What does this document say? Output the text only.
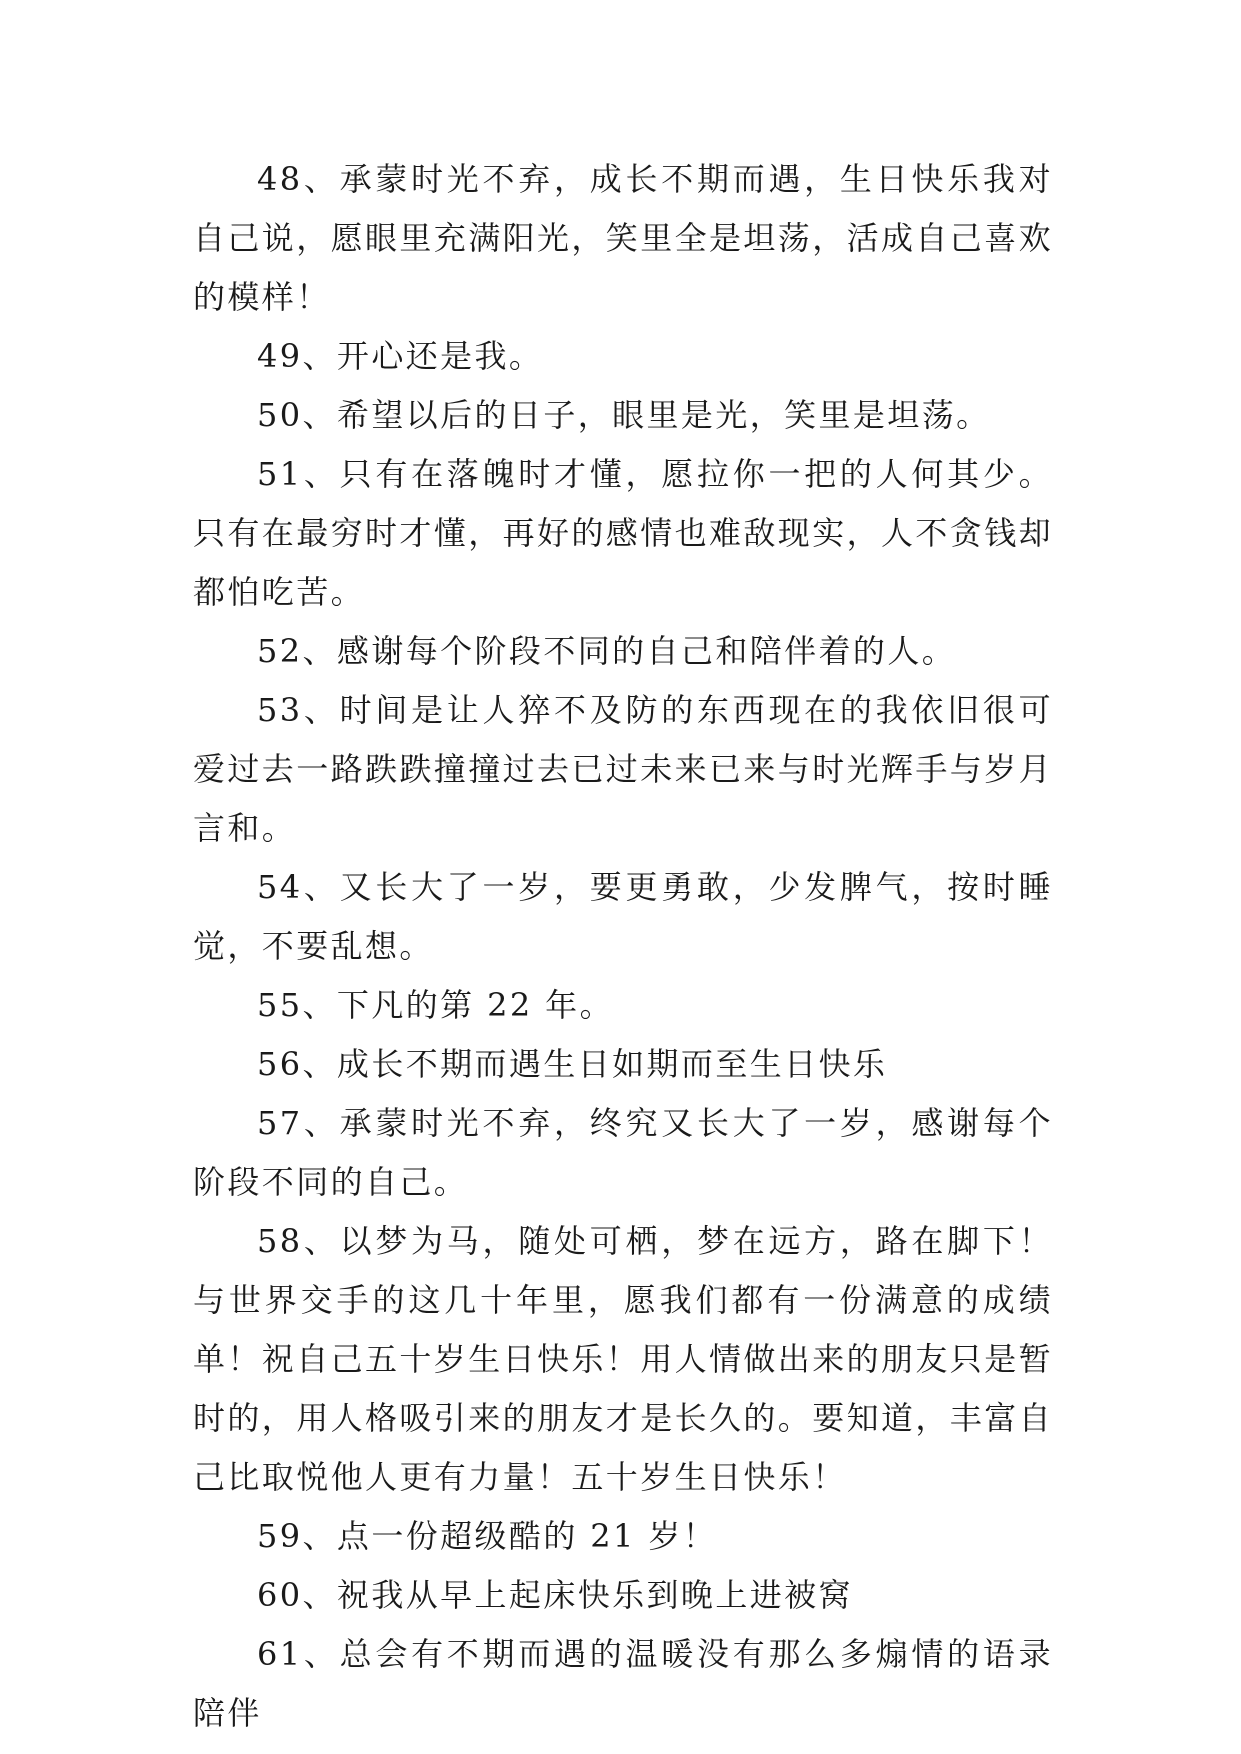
48、承蒙时光不弃，成长不期而遇，生日快乐我对自己说，愿眼里充满阳光，笑里全是坦荡，活成自己喜欢的模样！

49、开心还是我。

50、希望以后的日子，眼里是光，笑里是坦荡。

51、只有在落魄时才懂，愿拉你一把的人何其少。只有在最穷时才懂，再好的感情也难敌现实，人不贪钱却都怕吃苦。

52、感谢每个阶段不同的自己和陪伴着的人。

53、时间是让人猝不及防的东西现在的我依旧很可爱过去一路跌跌撞撞过去已过未来已来与时光辉手与岁月言和。

54、又长大了一岁，要更勇敢，少发脾气，按时睡觉，不要乱想。

55、下凡的第 22 年。

56、成长不期而遇生日如期而至生日快乐

57、承蒙时光不弃，终究又长大了一岁，感谢每个阶段不同的自己。

58、以梦为马，随处可栖，梦在远方，路在脚下！与世界交手的这几十年里，愿我们都有一份满意的成绩单！祝自己五十岁生日快乐！用人情做出来的朋友只是暂时的，用人格吸引来的朋友才是长久的。要知道，丰富自己比取悦他人更有力量！五十岁生日快乐！

59、点一份超级酷的 21 岁！

60、祝我从早上起床快乐到晚上进被窝

61、总会有不期而遇的温暖没有那么多煽情的语录陪伴
